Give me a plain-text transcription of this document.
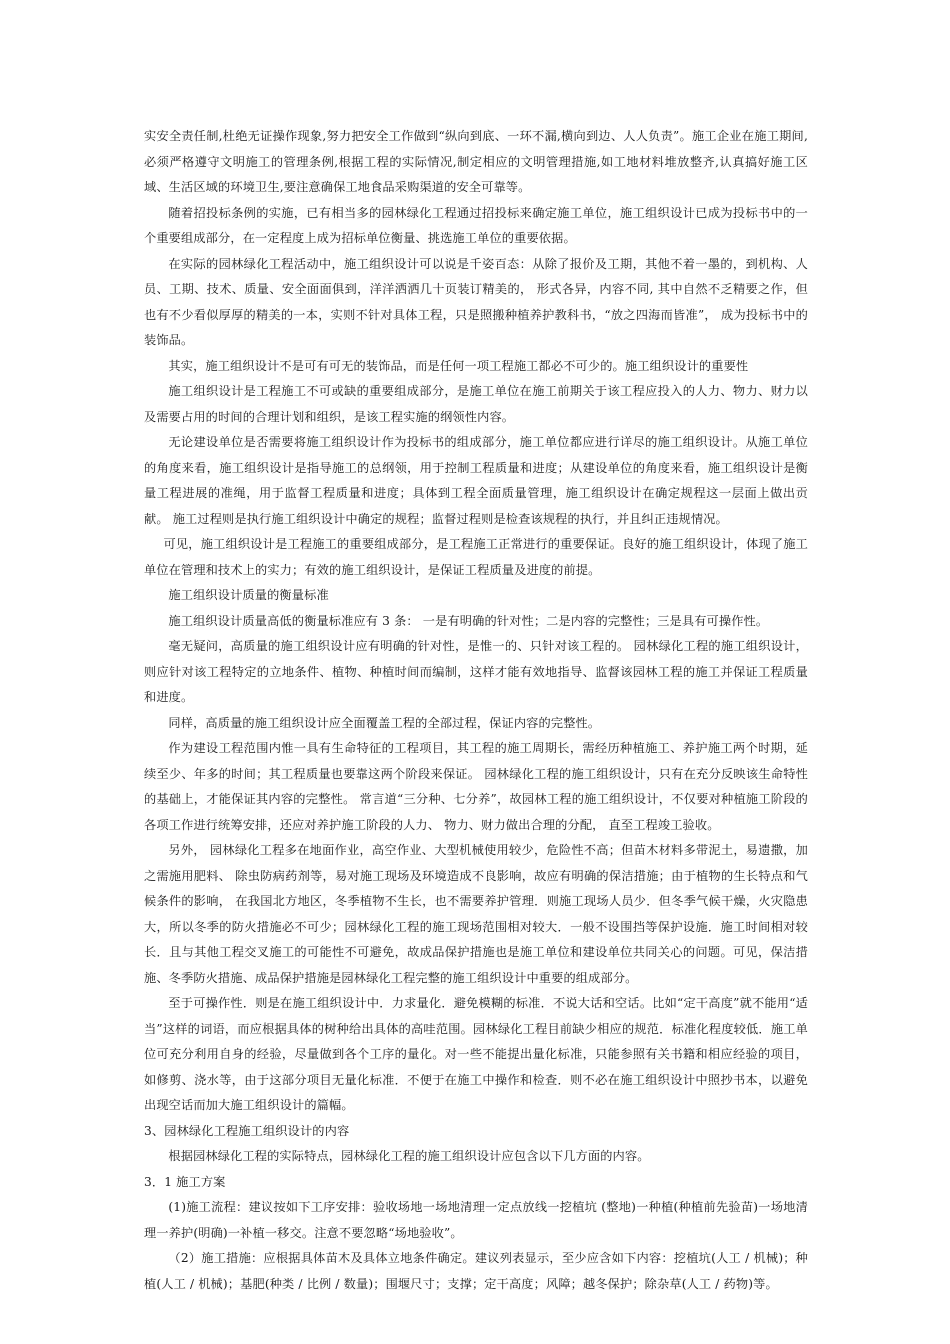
实安全责任制,杜绝无证操作现象,努力把安全工作做到“纵向到底、一环不漏,横向到边、人人负责”。施工企业在施工期间,必须严格遵守文明施工的管理条例,根据工程的实际情况,制定相应的文明管理措施,如工地材料堆放整齐,认真搞好施工区域、生活区域的环境卫生,要注意确保工地食品采购渠道的安全可靠等。

随着招投标条例的实施，已有相当多的园林绿化工程通过招投标来确定施工单位，施工组织设计已成为投标书中的一个重要组成部分，在一定程度上成为招标单位衡量、挑选施工单位的重要依据。

在实际的园林绿化工程活动中，施工组织设计可以说是千姿百态：从除了报价及工期，其他不着一墨的，到机构、人员、工期、技术、质量、安全面面俱到，洋洋洒洒几十页装订精美的， 形式各异，内容不同, 其中自然不乏精要之作，但也有不少看似厚厚的精美的一本，实则不针对具体工程，只是照搬种植养护教科书，“放之四海而皆准”， 成为投标书中的装饰品。

其实，施工组织设计不是可有可无的装饰品，而是任何一项工程施工都必不可少的。施工组织设计的重要性

施工组织设计是工程施工不可或缺的重要组成部分，是施工单位在施工前期关于该工程应投入的人力、物力、财力以及需要占用的时间的合理计划和组织，是该工程实施的纲领性内容。

无论建设单位是否需要将施工组织设计作为投标书的组成部分，施工单位都应进行详尽的施工组织设计。从施工单位的角度来看，施工组织设计是指导施工的总纲领，用于控制工程质量和进度；从建设单位的角度来看，施工组织设计是衡量工程进展的准绳，用于监督工程质量和进度；具体到工程全面质量管理，施工组织设计在确定规程这一层面上做出贡献。 施工过程则是执行施工组织设计中确定的规程；监督过程则是检查该规程的执行，并且纠正违规情况。

可见，施工组织设计是工程施工的重要组成部分，是工程施工正常进行的重要保证。良好的施工组织设计，体现了施工单位在管理和技术上的实力；有效的施工组织设计，是保证工程质量及进度的前提。

施工组织设计质量的衡量标准

施工组织设计质量高低的衡量标准应有 3 条： 一是有明确的针对性；二是内容的完整性；三是具有可操作性。

毫无疑问，高质量的施工组织设计应有明确的针对性，是惟一的、只针对该工程的。 园林绿化工程的施工组织设计， 则应针对该工程特定的立地条件、植物、种植时间而编制，这样才能有效地指导、监督该园林工程的施工并保证工程质量和进度。

同样，高质量的施工组织设计应全面覆盖工程的全部过程，保证内容的完整性。

作为建设工程范围内惟一具有生命特征的工程项目，其工程的施工周期长，需经历种植施工、养护施工两个时期，延续至少、年多的时间；其工程质量也要靠这两个阶段来保证。 园林绿化工程的施工组织设计，只有在充分反映该生命特性的基础上，才能保证其内容的完整性。 常言道“三分种、七分养”，故园林工程的施工组织设计，不仅要对种植施工阶段的各项工作进行统筹安排，还应对养护施工阶段的人力、 物力、财力做出合理的分配， 直至工程竣工验收。

另外， 园林绿化工程多在地面作业，高空作业、大型机械使用较少，危险性不高；但苗木材料多带泥土，易遗撒，加之需施用肥料、 除虫防病药剂等，易对施工现场及环境造成不良影响，故应有明确的保洁措施；由于植物的生长特点和气候条件的影响， 在我国北方地区，冬季植物不生长，也不需要养护管理．则施工现场人员少．但冬季气候干燥，火灾隐患大，所以冬季的防火措施必不可少；园林绿化工程的施工现场范围相对较大．一般不设围挡等保护设施．施工时间相对较长．且与其他工程交叉施工的可能性不可避免，故成品保护措施也是施工单位和建设单位共同关心的问题。可见，保洁措施、冬季防火措施、成品保护措施是园林绿化工程完整的施工组织设计中重要的组成部分。

至于可操作性．则是在施工组织设计中．力求量化．避免模糊的标准．不说大话和空话。比如“定干高度”就不能用“适当”这样的词语，而应根据具体的树种给出具体的高哇范围。园林绿化工程目前缺少相应的规范．标准化程度较低．施工单位可充分利用自身的经验，尽量做到各个工序的量化。对一些不能提出量化标准，只能参照有关书籍和相应经验的项目，如修剪、浇水等，由于这部分项目无量化标准．不便于在施工中操作和检查．则不必在施工组织设计中照抄书本，以避免出现空话而加大施工组织设计的篇幅。

3、园林绿化工程施工组织设计的内容

根据园林绿化工程的实际特点，园林绿化工程的施工组织设计应包含以下几方面的内容。

3．1 施工方案

(1)施工流程：建议按如下工序安排：验收场地一场地清理一定点放线一挖植坑 (整地)一种植(种植前先验苗)一场地清理一养护(明确)一补植一移交。注意不要忽略“场地验收”。

（2）施工措施：应根据具体苗木及具体立地条件确定。建议列表显示，至少应含如下内容：挖植坑(人工 / 机械)；种植(人工 / 机械)；基肥(种类 / 比例 / 数量)；围堰尺寸；支撑；定干高度；风障；越冬保护；除杂草(人工 / 药物)等。
